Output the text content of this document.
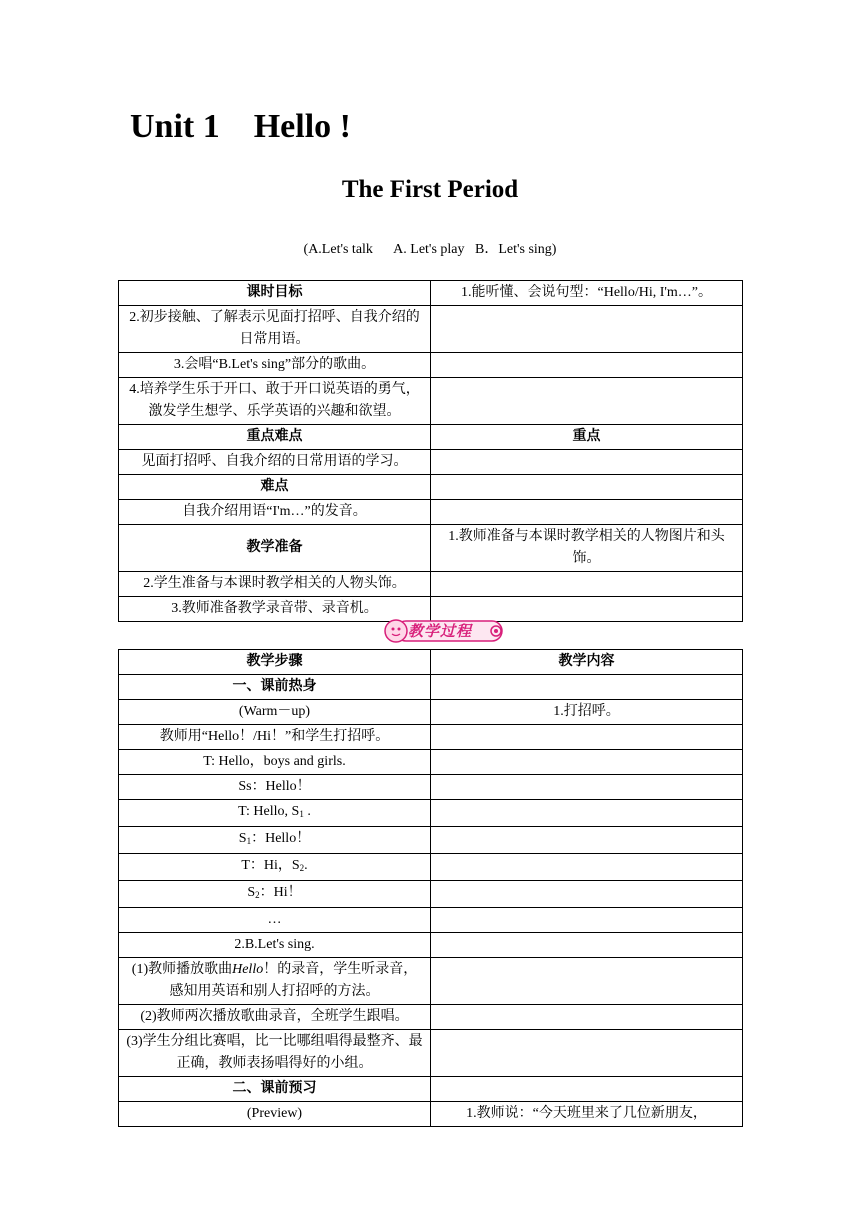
Unit 1    Hello !
The First Period
(A.Let's talk      A. Let's play   B．Let's sing)
课时目标	1.能听懂、会说句型：“Hello/Hi, I'm…”。
2.初步接触、了解表示见面打招呼、自我介绍的日常用语。	
3.会唱“B.Let's sing”部分的歌曲。	
4.培养学生乐于开口、敢于开口说英语的勇气，激发学生想学、乐学英语的兴趣和欲望。	
重点难点	重点
见面打招呼、自我介绍的日常用语的学习。	
难点	
自我介绍用语“I'm…”的发音。	
教学准备	1.教师准备与本课时教学相关的人物图片和头饰。
2.学生准备与本课时教学相关的人物头饰。	
3.教师准备教学录音带、录音机。	
教学过程
教学步骤	教学内容
一、课前热身	
(Warm－up)	1.打招呼。
教师用“Hello！/Hi！”和学生打招呼。	
T: Hello，boys and girls.	
Ss：Hello！	
T: Hello, $S_1$ .	
$S_1$：Hello！	
T：Hi，$S_2$.	
$S_2$：Hi！	
…	
2.B.Let's sing.	
(1)教师播放歌曲Hello！的录音，学生听录音，感知用英语和别人打招呼的方法。	
(2)教师两次播放歌曲录音，全班学生跟唱。	
(3)学生分组比赛唱，比一比哪组唱得最整齐、最正确，教师表扬唱得好的小组。	
二、课前预习	
(Preview)	1.教师说：“今天班里来了几位新朋友，
